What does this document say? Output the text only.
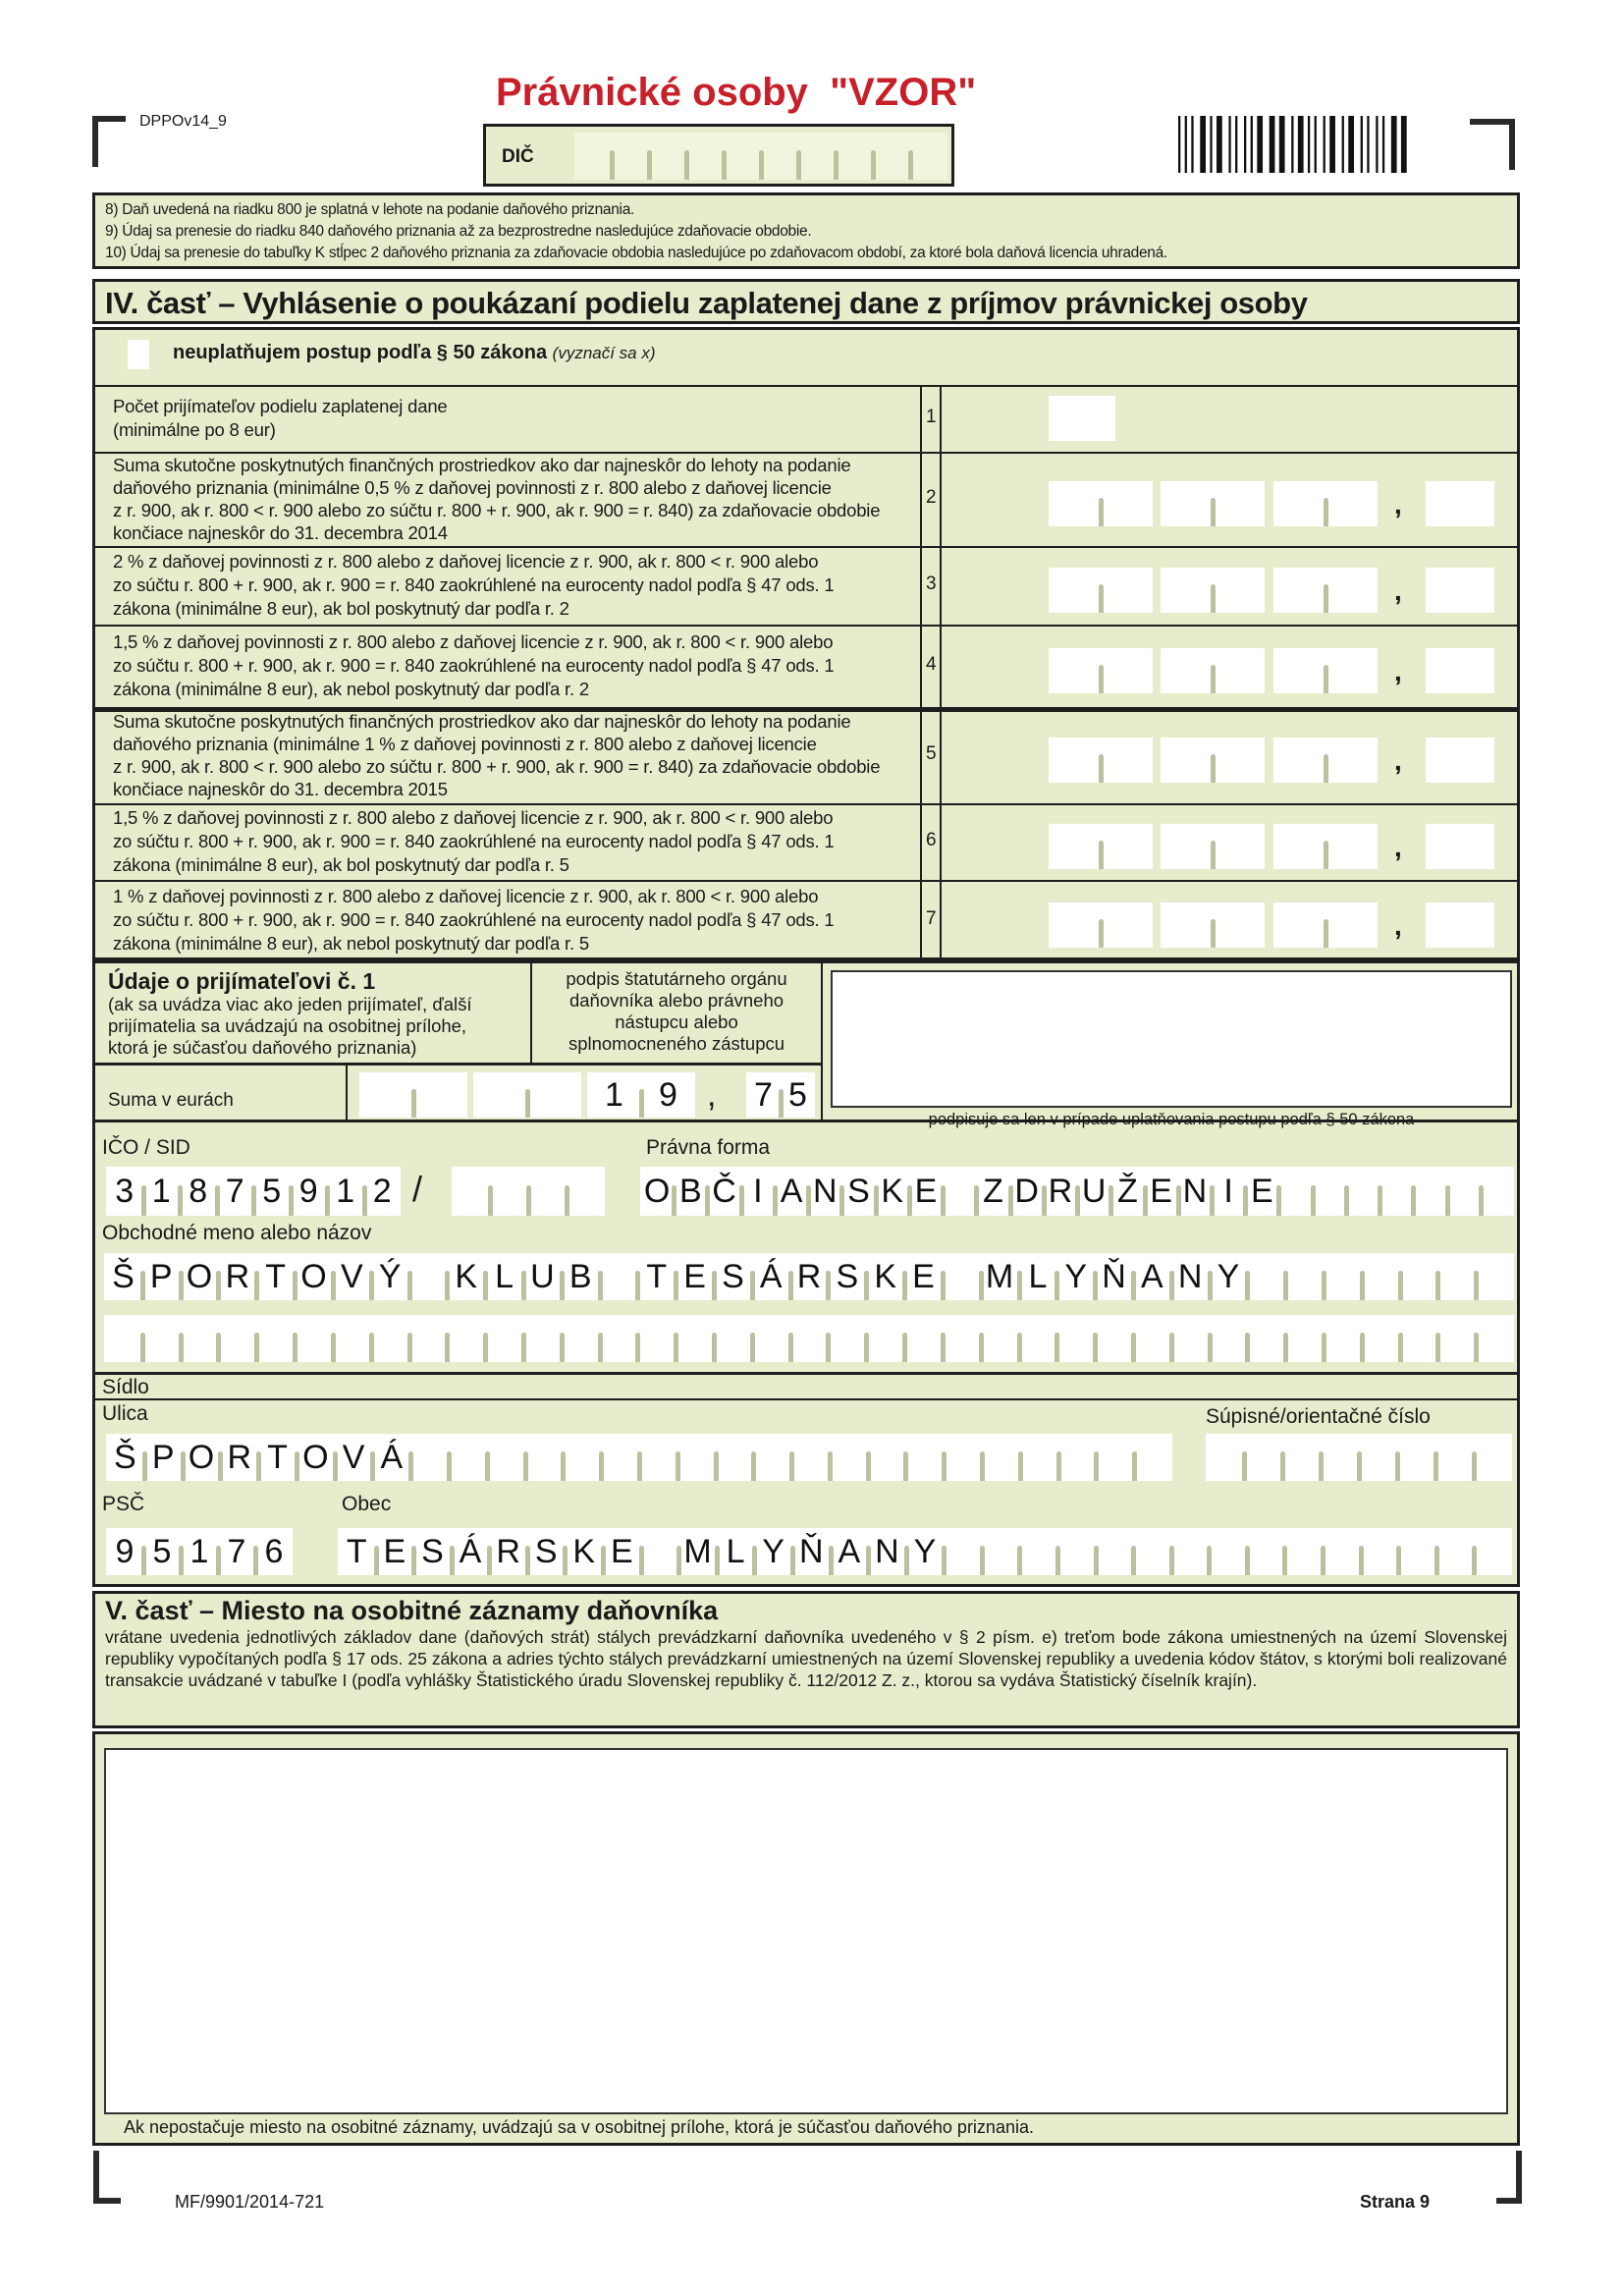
DPPOv14_9
Právnické osoby  "VZOR"
DIČ
8) Daň uvedená na riadku 800 je splatná v lehote na podanie daňového priznania.
9) Údaj sa prenesie do riadku 840 daňového priznania až za bezprostredne nasledujúce zdaňovacie obdobie.
10) Údaj sa prenesie do tabuľky K stĺpec 2 daňového priznania za zdaňovacie obdobia nasledujúce po zdaňovacom období, za ktoré bola daňová licencia uhradená.
IV. časť – Vyhlásenie o poukázaní podielu zaplatenej dane z príjmov právnickej osoby
neuplatňujem postup podľa § 50 zákona (vyznačí sa x)
Počet prijímateľov podielu zaplatenej dane
(minimálne po 8 eur)
1
Suma skutočne poskytnutých finančných prostriedkov ako dar najneskôr do lehoty na podanie
daňového priznania (minimálne 0,5 % z daňovej povinnosti z r. 800 alebo z daňovej licencie
z r. 900, ak r. 800 < r. 900 alebo zo súčtu r. 800 + r. 900, ak r. 900 = r. 840) za zdaňovacie obdobie
končiace najneskôr do 31. decembra 2014
2	,
2 % z daňovej povinnosti z r. 800 alebo z daňovej licencie z r. 900, ak r. 800 < r. 900 alebo
zo súčtu r. 800 + r. 900, ak r. 900 = r. 840 zaokrúhlené na eurocenty nadol podľa § 47 ods. 1
zákona (minimálne 8 eur), ak bol poskytnutý dar podľa r. 2
3	,
1,5 % z daňovej povinnosti z r. 800 alebo z daňovej licencie z r. 900, ak r. 800 < r. 900 alebo
zo súčtu r. 800 + r. 900, ak r. 900 = r. 840 zaokrúhlené na eurocenty nadol podľa § 47 ods. 1
zákona (minimálne 8 eur), ak nebol poskytnutý dar podľa r. 2
4	,
Suma skutočne poskytnutých finančných prostriedkov ako dar najneskôr do lehoty na podanie
daňového priznania (minimálne 1 % z daňovej povinnosti z r. 800 alebo z daňovej licencie
z r. 900, ak r. 800 < r. 900 alebo zo súčtu r. 800 + r. 900, ak r. 900 = r. 840) za zdaňovacie obdobie
končiace najneskôr do 31. decembra 2015
5	,
1,5 % z daňovej povinnosti z r. 800 alebo z daňovej licencie z r. 900, ak r. 800 < r. 900 alebo
zo súčtu r. 800 + r. 900, ak r. 900 = r. 840 zaokrúhlené na eurocenty nadol podľa § 47 ods. 1
zákona (minimálne 8 eur), ak bol poskytnutý dar podľa r. 5
6	,
1 % z daňovej povinnosti z r. 800 alebo z daňovej licencie z r. 900, ak r. 800 < r. 900 alebo
zo súčtu r. 800 + r. 900, ak r. 900 = r. 840 zaokrúhlené na eurocenty nadol podľa § 47 ods. 1
zákona (minimálne 8 eur), ak nebol poskytnutý dar podľa r. 5
7	,
Údaje o prijímateľovi č. 1
(ak sa uvádza viac ako jeden prijímateľ, ďalší
prijímatelia sa uvádzajú na osobitnej prílohe,
ktorá je súčasťou daňového priznania)
podpis štatutárneho orgánu
daňovníka alebo právneho
nástupcu alebo
splnomocneného zástupcu
podpisuje sa len v prípade uplatňovania postupu podľa § 50 zákona
Suma v eurách	1 9 , 7 5
IČO / SID	Právna forma
3 1 8 7 5 9 1 2 /	O B Č I A N S K E Z D R U Ž E N I E
Obchodné meno alebo názov
Š P O R T O V Ý K L U B T E S Á R S K E M L Y Ň A N Y
Sídlo
Ulica	Súpisné/orientačné číslo
Š P O R T O V Á
PSČ	Obec
9 5 1 7 6 T E S Á R S K E M L Y Ň A N Y
V. časť – Miesto na osobitné záznamy daňovníka
vrátane uvedenia jednotlivých základov dane (daňových strát) stálych prevádzkarní daňovníka uvedeného v § 2 písm. e) treťom bode zákona umiestnených na území Slovenskej republiky vypočítaných podľa § 17 ods. 25 zákona a adries týchto stálych prevádzkarní umiestnených na území Slovenskej republiky a uvedenia kódov štátov, s ktorými boli realizované transakcie uvádzané v tabuľke I (podľa vyhlášky Štatistického úradu Slovenskej republiky č. 112/2012 Z. z., ktorou sa vydáva Štatistický číselník krajín).
Ak nepostačuje miesto na osobitné záznamy, uvádzajú sa v osobitnej prílohe, ktorá je súčasťou daňového priznania.
MF/9901/2014-721	Strana 9
